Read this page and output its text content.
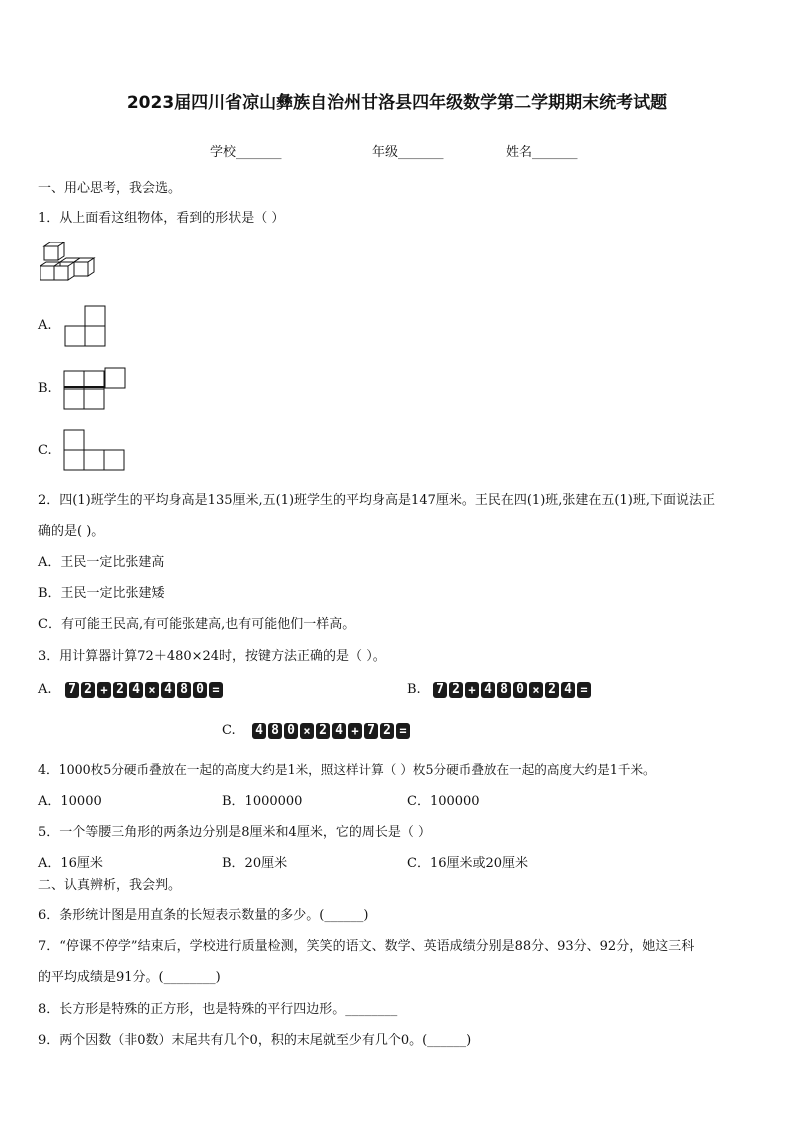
2023届四川省凉山彝族自治州甘洛县四年级数学第二学期期末统考试题
学校_______	年级_______	姓名_______
一、用心思考，我会选。
1．从上面看这组物体，看到的形状是（ ）
A.
B.
C.
2．四(1)班学生的平均身高是135厘米,五(1)班学生的平均身高是147厘米。王民在四(1)班,张建在五(1)班,下面说法正
确的是( )。
A．王民一定比张建高
B．王民一定比张建矮
C．有可能王民高,有可能张建高,也有可能他们一样高。
3．用计算器计算72＋480×24时，按键方法正确的是（ ）。
A. 7 2 + 2 4 × 4 8 0 =	B. 7 2 + 4 8 0 × 2 4 =
C. 4 8 0 × 2 4 + 7 2 =
4．1000枚5分硬币叠放在一起的高度大约是1米，照这样计算（ ）枚5分硬币叠放在一起的高度大约是1千米。
A．10000	B．1000000	C．100000
5．一个等腰三角形的两条边分别是8厘米和4厘米，它的周长是（ ）
A．16厘米	B．20厘米	C．16厘米或20厘米
二、认真辨析，我会判。
6．条形统计图是用直条的长短表示数量的多少。(______)
7．“停课不停学”结束后，学校进行质量检测，笑笑的语文、数学、英语成绩分别是88分、93分、92分，她这三科
的平均成绩是91分。(________)
8．长方形是特殊的正方形，也是特殊的平行四边形。________
9．两个因数（非0数）末尾共有几个0，积的末尾就至少有几个0。(______)
